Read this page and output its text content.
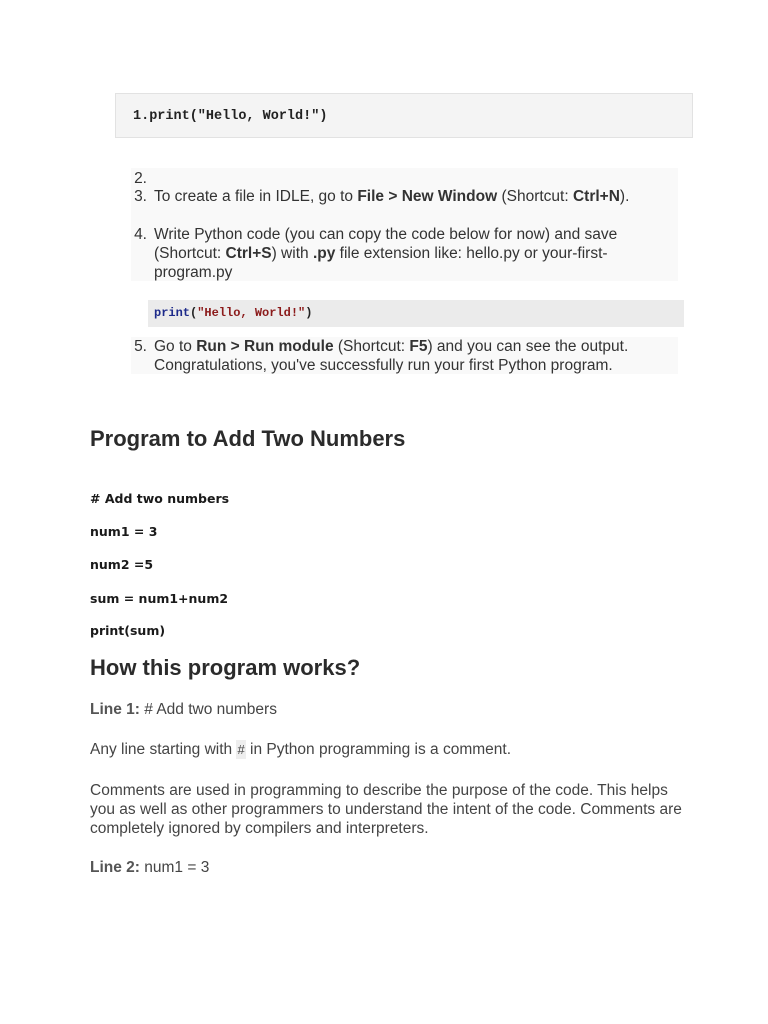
1.print("Hello, World!")
2.
3. To create a file in IDLE, go to File > New Window (Shortcut: Ctrl+N).
4. Write Python code (you can copy the code below for now) and save (Shortcut: Ctrl+S) with .py file extension like: hello.py or your-first-program.py
print("Hello, World!")
5. Go to Run > Run module (Shortcut: F5) and you can see the output. Congratulations, you've successfully run your first Python program.
Program to Add Two Numbers
# Add two numbers
num1 = 3
num2 =5
sum = num1+num2
print(sum)
How this program works?
Line 1: # Add two numbers
Any line starting with # in Python programming is a comment.
Comments are used in programming to describe the purpose of the code. This helps you as well as other programmers to understand the intent of the code. Comments are completely ignored by compilers and interpreters.
Line 2: num1 = 3
